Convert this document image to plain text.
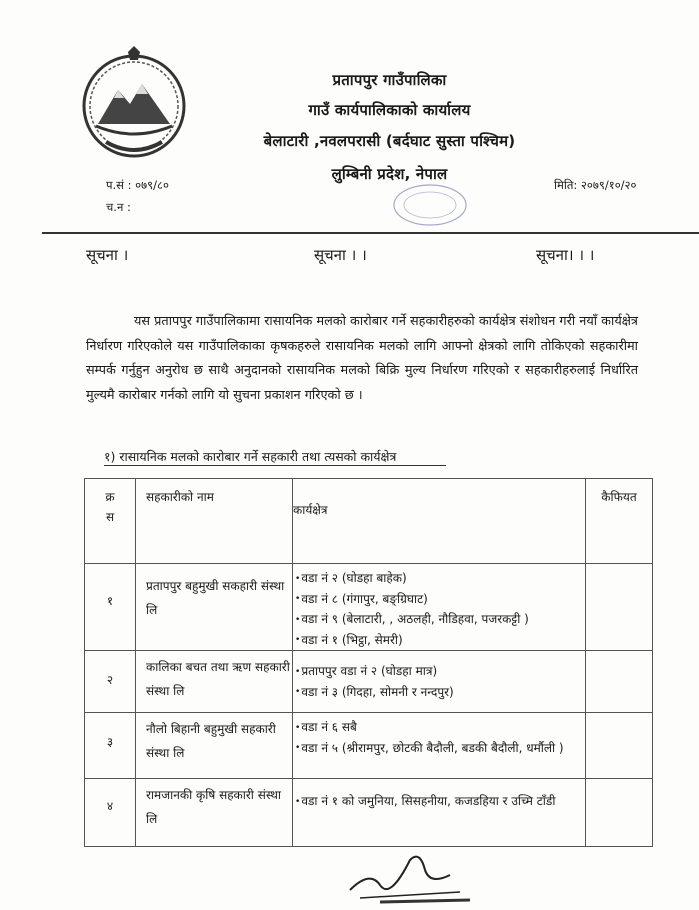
प्रतापपुर गाउँपालिका
गाउँ कार्यपालिकाको कार्यालय
बेलाटारी ,नवलपरासी (बर्दघाट सुस्ता पश्चिम)
लुम्बिनी प्रदेश, नेपाल
प.सं : ०७९/८०
च.न :
मिति: २०७९/१०/२०
सूचना ।	सूचना । ।	सूचना। । ।
यस प्रतापपुर गाउँपालिकामा रासायनिक मलको कारोबार गर्ने सहकारीहरुको कार्यक्षेत्र संशोधन गरी नयाँ कार्यक्षेत्र निर्धारण गरिएकोले यस गाउँपालिकाका कृषकहरुले रासायनिक मलको लागि आफ्नो क्षेत्रको लागि तोकिएको सहकारीमा सम्पर्क गर्नुहुन अनुरोध छ साथै अनुदानको रासायनिक मलको बिक्रि मुल्य निर्धारण गरिएको र सहकारीहरुलाई निर्धारित मुल्यमै कारोबार गर्नको लागि यो सुचना प्रकाशन गरिएको छ ।
१) रासायनिक मलको कारोबार गर्ने सहकारी तथा त्यसको कार्यक्षेत्र
क्र
स	सहकारीको नाम	कार्यक्षेत्र	कैफियत
१	प्रतापपुर बहुमुखी सकहारी संस्था लि	• वडा नं २ (घोडहा बाहेक)
• वडा नं ८ (गंगापुर, बङ्ग्रिघाट)
• वडा नं ९ (बेलाटारी, , अठलही, नौडिहवा, पजरकट्टी )
• वडा नं १ (भिट्ठा, सेमरी)

२	कालिका बचत तथा ऋण सहकारी संस्था लि	• प्रतापपुर वडा नं २ (घोडहा मात्र)
• वडा नं ३ (गिदहा, सोमनी र नन्दपुर)

३	नौलो बिहानी बहुमुखी सहकारी संस्था लि	• वडा नं ६ सबै
• वडा नं ५ (श्रीरामपुर, छोटकी बैदौली, बडकी बैदौली, धर्मौली )

४	रामजानकी कृषि सहकारी संस्था लि	• वडा नं १ को जमुनिया, सिसहनीया, कजडहिया र उच्मि टाँडी
